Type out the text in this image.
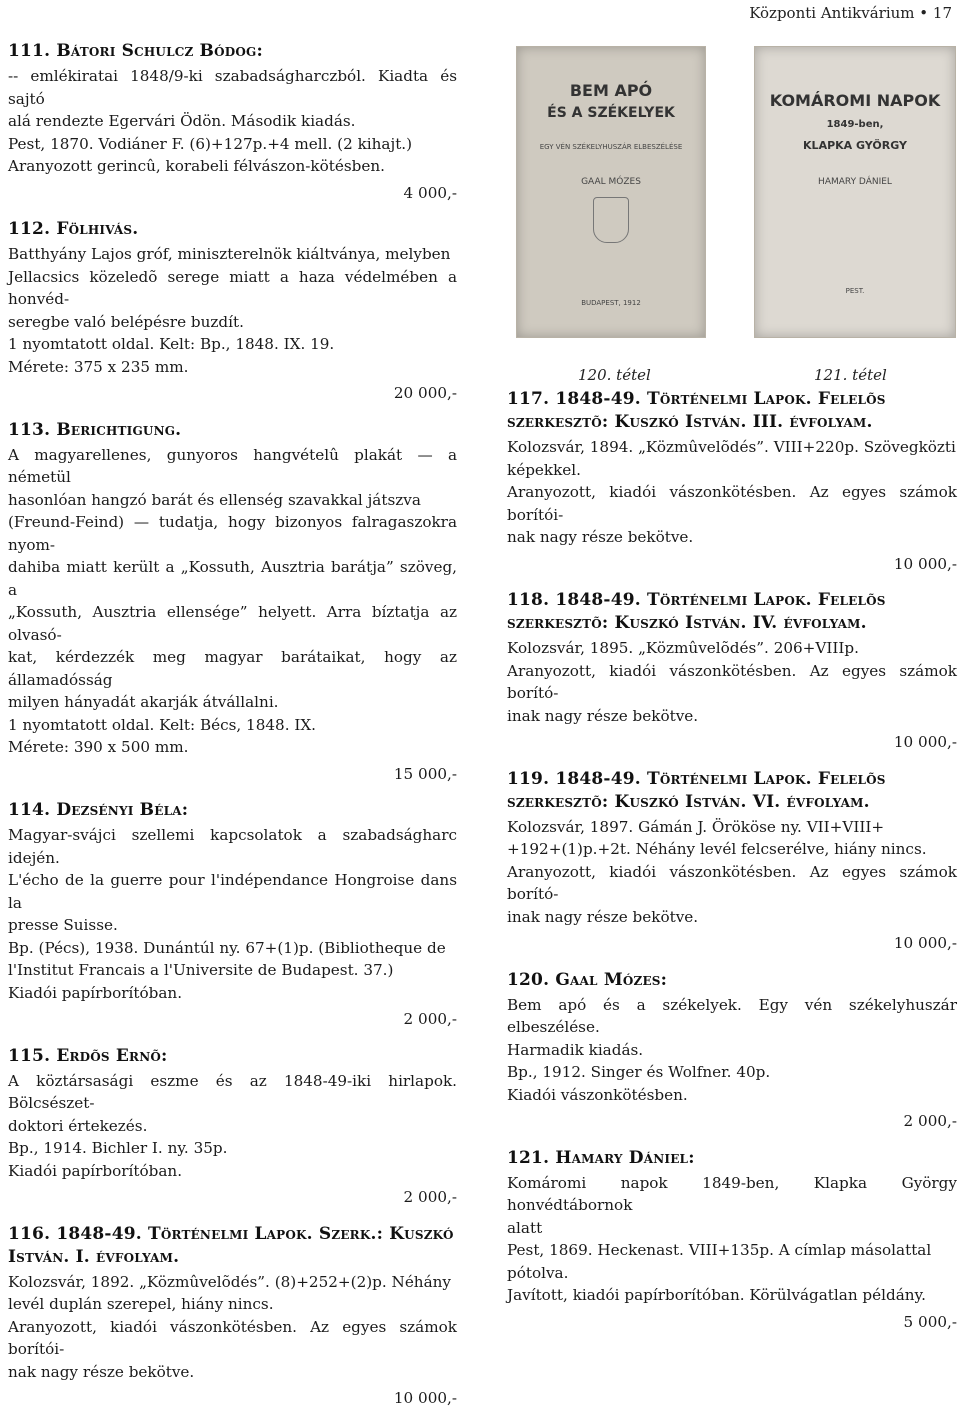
Központi Antikvárium • 17
111. Bátori Schulcz Bódog:
-- emlékiratai 1848/9-ki szabadságharczból. Kiadta és sajtó
alá rendezte Egervári Ödön. Második kiadás.
Pest, 1870. Vodiáner F. (6)+127p.+4 mell. (2 kihajt.)
Aranyozott gerincû, korabeli félvászon-kötésben.
4 000,-
112. Fölhivás.
Batthyány Lajos gróf, miniszterelnök kiáltványa, melyben
Jellacsics közeledõ serege miatt a haza védelmében a honvéd-
seregbe való belépésre buzdít.
1 nyomtatott oldal. Kelt: Bp., 1848. IX. 19.
Mérete: 375 x 235 mm.
20 000,-
113. Berichtigung.
A magyarellenes, gunyoros hangvételû plakát — a németül
hasonlóan hangzó barát és ellenség szavakkal játszva
(Freund-Feind) — tudatja, hogy bizonyos falragaszokra nyom-
dahiba miatt került a „Kossuth, Ausztria barátja” szöveg, a
„Kossuth, Ausztria ellensége” helyett. Arra bíztatja az olvasó-
kat, kérdezzék meg magyar barátaikat, hogy az államadósság
milyen hányadát akarják átvállalni.
1 nyomtatott oldal. Kelt: Bécs, 1848. IX.
Mérete: 390 x 500 mm.
15 000,-
114. Dezsényi Béla:
Magyar-svájci szellemi kapcsolatok a szabadságharc idején.
L'écho de la guerre pour l'indépendance Hongroise dans la
presse Suisse.
Bp. (Pécs), 1938. Dunántúl ny. 67+(1)p. (Bibliotheque de
l'Institut Francais a l'Universite de Budapest. 37.)
Kiadói papírborítóban.
2 000,-
115. Erdõs Ernõ:
A köztársasági eszme és az 1848-49-iki hirlapok. Bölcsészet-
doktori értekezés.
Bp., 1914. Bichler I. ny. 35p.
Kiadói papírborítóban.
2 000,-
116. 1848-49. Történelmi Lapok. Szerk.: Kuszkó István. I. évfolyam.
Kolozsvár, 1892. „Közmûvelõdés”. (8)+252+(2)p. Néhány
levél duplán szerepel, hiány nincs.
Aranyozott, kiadói vászonkötésben. Az egyes számok borítói-
nak nagy része bekötve.
10 000,-
BEM APÓ
ÉS A SZÉKELYEK
EGY VÉN SZÉKELYHUSZÁR ELBESZÉLÉSE
GAAL MÓZES
BUDAPEST, 1912
KOMÁROMI NAPOK
1849-ben,
KLAPKA GYÖRGY
HAMARY DÁNIEL
PEST.
120. tétel	121. tétel
117. 1848-49. Történelmi Lapok. Felelõs szerkesztõ: Kuszkó István. III. évfolyam.
Kolozsvár, 1894. „Közmûvelõdés”. VIII+220p. Szövegközti
képekkel.
Aranyozott, kiadói vászonkötésben. Az egyes számok borítói-
nak nagy része bekötve.
10 000,-
118. 1848-49. Történelmi Lapok. Felelõs szerkesztõ: Kuszkó István. IV. évfolyam.
Kolozsvár, 1895. „Közmûvelõdés”. 206+VIIIp.
Aranyozott, kiadói vászonkötésben. Az egyes számok borító-
inak nagy része bekötve.
10 000,-
119. 1848-49. Történelmi Lapok. Felelõs szerkesztõ: Kuszkó István. VI. évfolyam.
Kolozsvár, 1897. Gámán J. Örököse ny. VII+VIII+
+192+(1)p.+2t. Néhány levél felcserélve, hiány nincs.
Aranyozott, kiadói vászonkötésben. Az egyes számok borító-
inak nagy része bekötve.
10 000,-
120. Gaal Mózes:
Bem apó és a székelyek. Egy vén székelyhuszár elbeszélése.
Harmadik kiadás.
Bp., 1912. Singer és Wolfner. 40p.
Kiadói vászonkötésben.
2 000,-
121. Hamary Dániel:
Komáromi napok 1849-ben, Klapka György honvédtábornok
alatt
Pest, 1869. Heckenast. VIII+135p. A címlap másolattal
pótolva.
Javított, kiadói papírborítóban. Körülvágatlan példány.
5 000,-
